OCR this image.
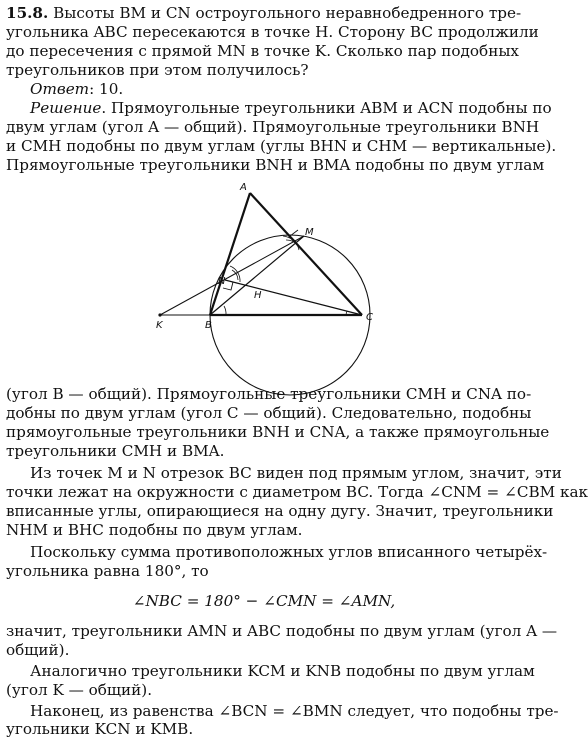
15.8. Высоты BM и CN остроугольного неравнобедренного тре-
угольника ABC пересекаются в точке H. Сторону BC продолжили
до пересечения с прямой MN в точке K. Сколько пар подобных
треугольников при этом получилось?
Ответ: 10.
Решение. Прямоугольные треугольники ABM и ACN подобны по
двум углам (угол A — общий). Прямоугольные треугольники BNH
и CMH подобны по двум углам (углы BHN и CHM — вертикальные).
Прямоугольные треугольники BNH и BMA подобны по двум углам
A
M
N
H
K	B
C
(угол B — общий). Прямоугольные треугольники CMH и CNA по-
добны по двум углам (угол C — общий). Следовательно, подобны
прямоугольные треугольники BNH и CNA, а также прямоугольные
треугольники CMH и BMA.
Из точек M и N отрезок BC виден под прямым углом, значит, эти
точки лежат на окружности с диаметром BC. Тогда ∠CNM = ∠CBM как
вписанные углы, опирающиеся на одну дугу. Значит, треугольники
NHM и BHC подобны по двум углам.
Поскольку сумма противоположных углов вписанного четырёх-
угольника равна 180°, то
∠NBC = 180° − ∠CMN = ∠AMN,
значит, треугольники AMN и ABC подобны по двум углам (угол A —
общий).
Аналогично треугольники KCM и KNB подобны по двум углам
(угол K — общий).
Наконец, из равенства ∠BCN = ∠BMN следует, что подобны тре-
угольники KCN и KMB.
